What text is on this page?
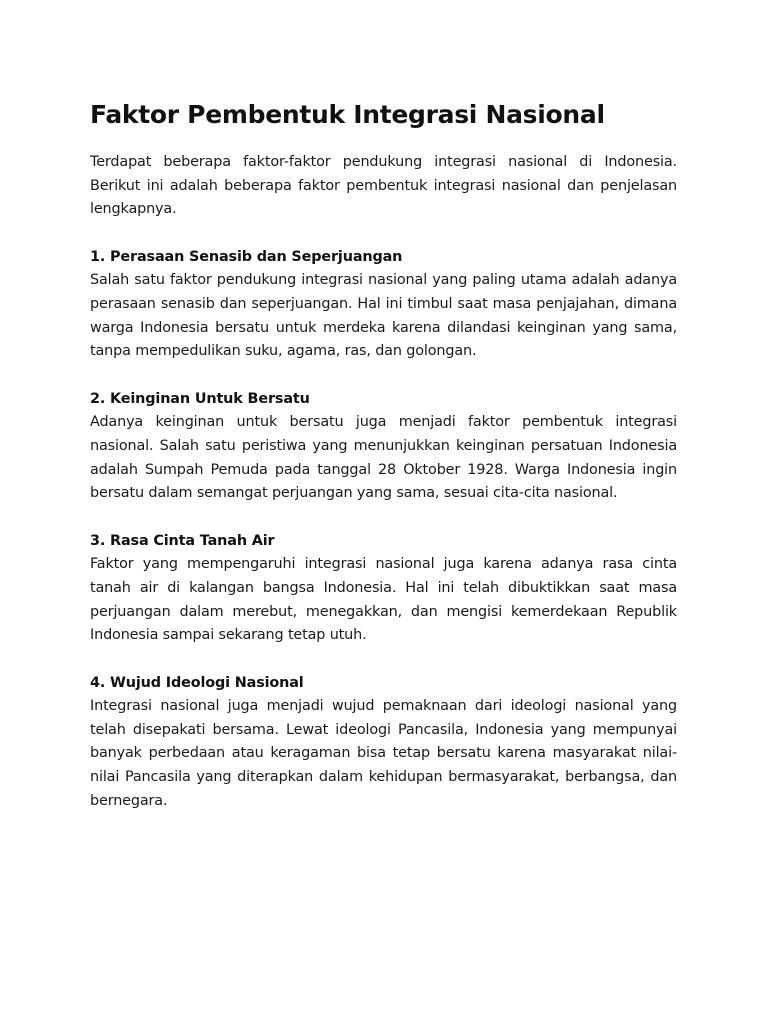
Faktor Pembentuk Integrasi Nasional

Terdapat beberapa faktor-faktor pendukung integrasi nasional di Indonesia. Berikut ini adalah beberapa faktor pembentuk integrasi nasional dan penjelasan lengkapnya.

1. Perasaan Senasib dan Seperjuangan

Salah satu faktor pendukung integrasi nasional yang paling utama adalah adanya perasaan senasib dan seperjuangan. Hal ini timbul saat masa penjajahan, dimana warga Indonesia bersatu untuk merdeka karena dilandasi keinginan yang sama, tanpa mempedulikan suku, agama, ras, dan golongan.

2. Keinginan Untuk Bersatu

Adanya keinginan untuk bersatu juga menjadi faktor pembentuk integrasi nasional. Salah satu peristiwa yang menunjukkan keinginan persatuan Indonesia adalah Sumpah Pemuda pada tanggal 28 Oktober 1928. Warga Indonesia ingin bersatu dalam semangat perjuangan yang sama, sesuai cita-cita nasional.

3. Rasa Cinta Tanah Air

Faktor yang mempengaruhi integrasi nasional juga karena adanya rasa cinta tanah air di kalangan bangsa Indonesia. Hal ini telah dibuktikkan saat masa perjuangan dalam merebut, menegakkan, dan mengisi kemerdekaan Republik Indonesia sampai sekarang tetap utuh.

4. Wujud Ideologi Nasional

Integrasi nasional juga menjadi wujud pemaknaan dari ideologi nasional yang telah disepakati bersama. Lewat ideologi Pancasila, Indonesia yang mempunyai banyak perbedaan atau keragaman bisa tetap bersatu karena masyarakat nilai-nilai Pancasila yang diterapkan dalam kehidupan bermasyarakat, berbangsa, dan bernegara.
